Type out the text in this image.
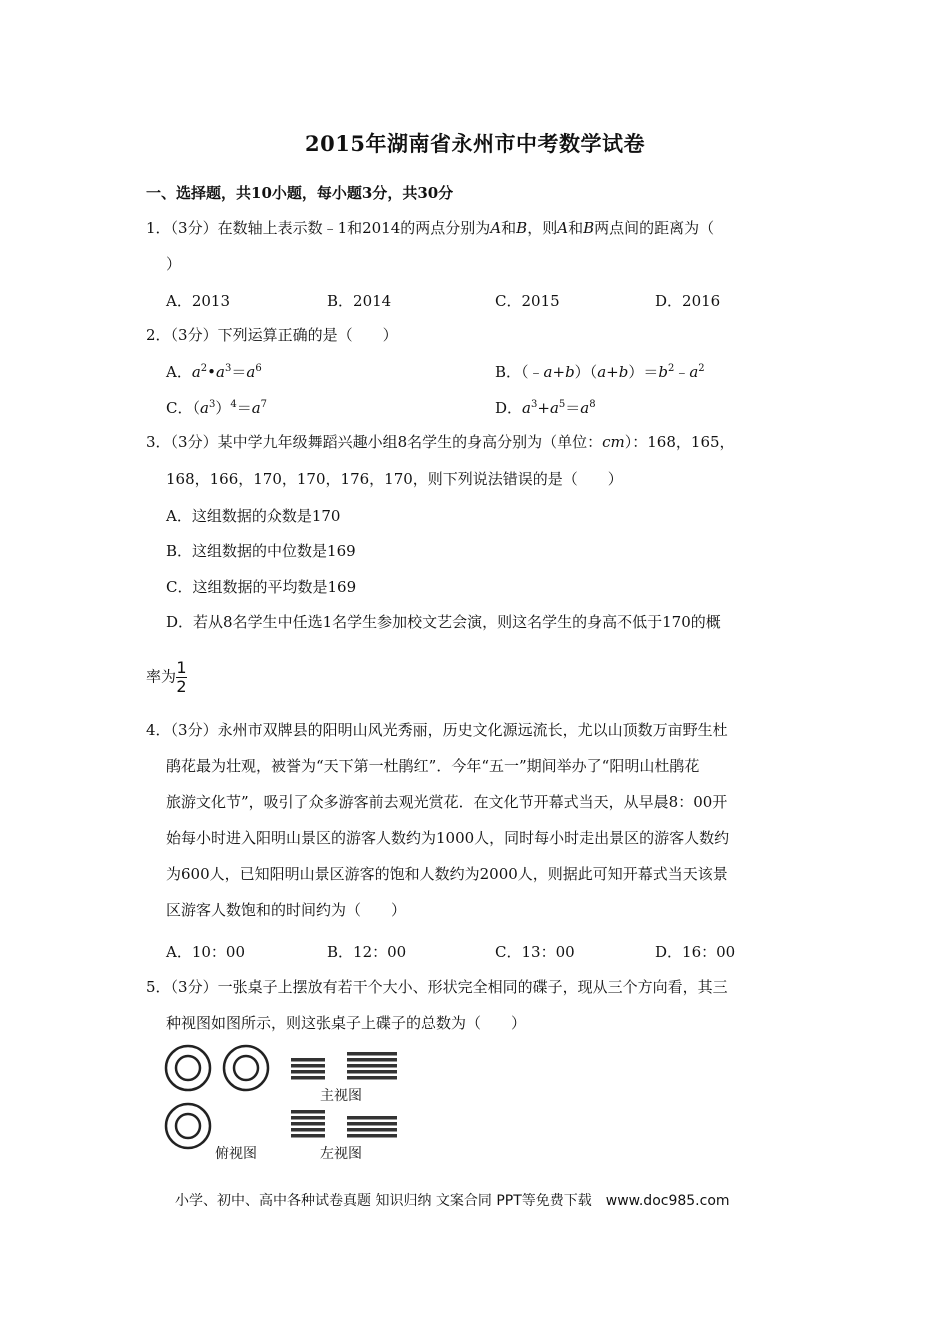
2015年湖南省永州市中考数学试卷
一、选择题，共10小题，每小题3分，共30分
1．（3分）在数轴上表示数﹣1和2014的两点分别为A和B，则A和B两点间的距离为（
）
A．2013	B．2014	C．2015	D．2016
2．（3分）下列运算正确的是（　　）
A．$a^2•a^3=a^6$	B．$(﹣a+b)(a+b)=b^2﹣a^2$
C．$(a^3)^4=a^7$	D．$a^3+a^5=a^8$
3．（3分）某中学九年级舞蹈兴趣小组8名学生的身高分别为（单位：cm）：168，165，
168，166，170，170，176，170，则下列说法错误的是（　　）
A．这组数据的众数是170
B．这组数据的中位数是169
C．这组数据的平均数是169
D．若从8名学生中任选1名学生参加校文艺会演，则这名学生的身高不低于170的概
率为 $\frac{1}{2}$
4．（3分）永州市双牌县的阳明山风光秀丽，历史文化源远流长，尤以山顶数万亩野生杜
鹃花最为壮观，被誉为“天下第一杜鹃红”．今年“五一”期间举办了“阳明山杜鹃花
旅游文化节”，吸引了众多游客前去观光赏花．在文化节开幕式当天，从早晨8：00开
始每小时进入阳明山景区的游客人数约为1000人，同时每小时走出景区的游客人数约
为600人，已知阳明山景区游客的饱和人数约为2000人，则据此可知开幕式当天该景
区游客人数饱和的时间约为（　　）
A．10：00	B．12：00	C．13：00	D．16：00
5．（3分）一张桌子上摆放有若干个大小、形状完全相同的碟子，现从三个方向看，其三
种视图如图所示，则这张桌子上碟子的总数为（　　）
主视图
俯视图	左视图
小学、初中、高中各种试卷真题 知识归纳 文案合同 PPT等免费下载　www.doc985.com
